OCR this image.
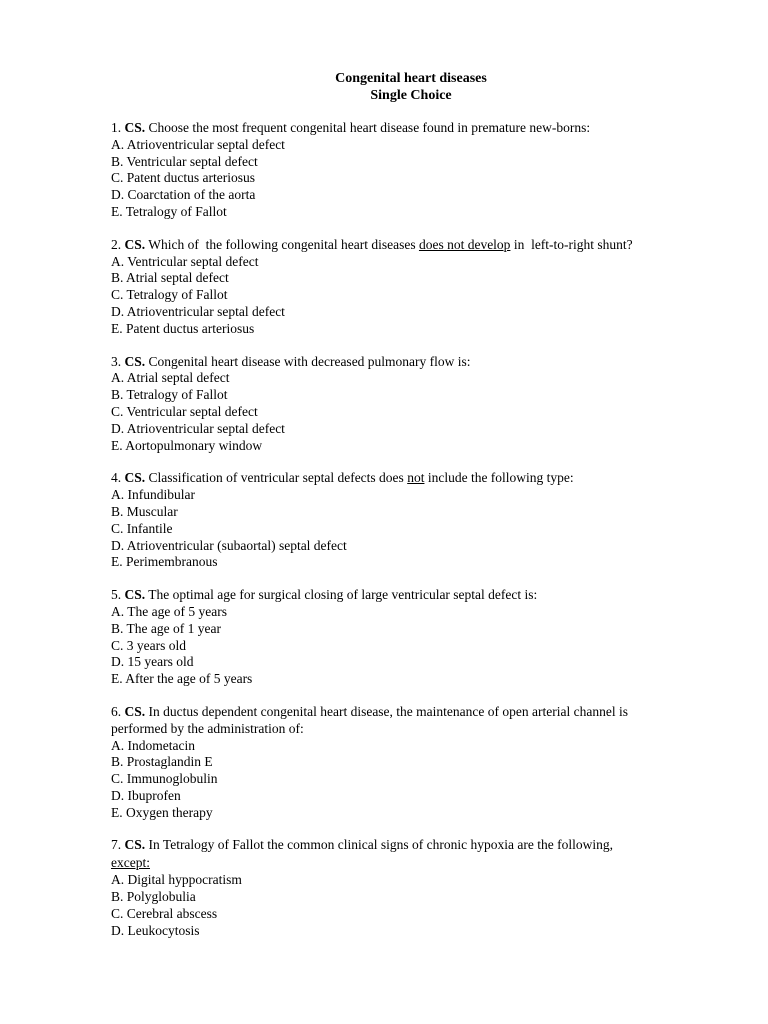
Congenital heart diseases

Single Choice

1. CS. Choose the most frequent congenital heart disease found in premature new-borns:

A. Atrioventricular septal defect

B. Ventricular septal defect

C. Patent ductus arteriosus

D. Coarctation of the aorta

E. Tetralogy of Fallot

2. CS. Which of  the following congenital heart diseases does not develop in  left-to-right shunt?

A. Ventricular septal defect

B. Atrial septal defect

C. Tetralogy of Fallot

D. Atrioventricular septal defect

E. Patent ductus arteriosus

3. CS. Congenital heart disease with decreased pulmonary flow is:

A. Atrial septal defect

B. Tetralogy of Fallot

C. Ventricular septal defect

D. Atrioventricular septal defect

E. Aortopulmonary window

4. CS. Classification of ventricular septal defects does not include the following type:

A. Infundibular

B. Muscular

C. Infantile

D. Atrioventricular (subaortal) septal defect

E. Perimembranous

5. CS. The optimal age for surgical closing of large ventricular septal defect is:

A. The age of 5 years

B. The age of 1 year

C. 3 years old

D. 15 years old

E. After the age of 5 years

6. CS. In ductus dependent congenital heart disease, the maintenance of open arterial channel is

performed by the administration of:

A. Indometacin

B. Prostaglandin E

C. Immunoglobulin

D. Ibuprofen

E. Oxygen therapy

7. CS. In Tetralogy of Fallot the common clinical signs of chronic hypoxia are the following,

except:

A. Digital hyppocratism

B. Polyglobulia

C. Cerebral abscess

D. Leukocytosis
